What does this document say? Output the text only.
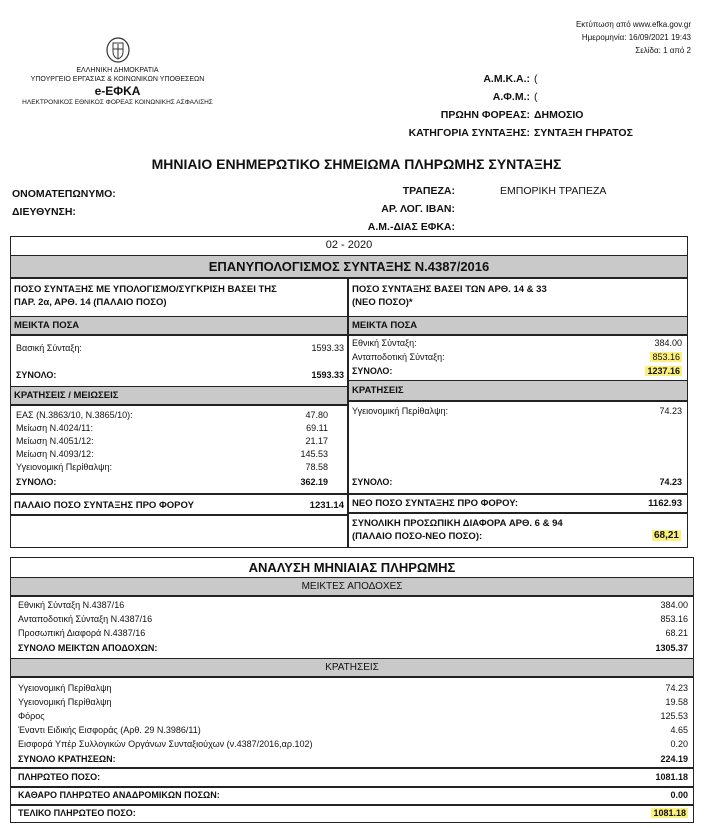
Εκτύπωση από www.efka.gov.gr
Ημερομηνία: 16/09/2021 19:43
Σελίδα: 1 από 2
ΕΛΛΗΝΙΚΗ ΔΗΜΟΚΡΑΤΙΑ
ΥΠΟΥΡΓΕΙΟ ΕΡΓΑΣΙΑΣ & ΚΟΙΝΩΝΙΚΩΝ ΥΠΟΘΕΣΕΩΝ
e-ΕΦΚΑ
ΗΛΕΚΤΡΟΝΙΚΟΣ ΕΘΝΙΚΟΣ ΦΟΡΕΑΣ ΚΟΙΝΩΝΙΚΗΣ ΑΣΦΑΛΙΣΗΣ
Α.Μ.Κ.Α.: (
Α.Φ.Μ.: (
ΠΡΩΗΝ ΦΟΡΕΑΣ: ΔΗΜΟΣΙΟ
ΚΑΤΗΓΟΡΙΑ ΣΥΝΤΑΞΗΣ: ΣΥΝΤΑΞΗ ΓΗΡΑΤΟΣ
ΜΗΝΙΑΙΟ ΕΝΗΜΕΡΩΤΙΚΟ ΣΗΜΕΙΩΜΑ ΠΛΗΡΩΜΗΣ ΣΥΝΤΑΞΗΣ
ΟΝΟΜΑΤΕΠΩΝΥΜΟ:
ΔΙΕΥΘΥΝΣΗ:
ΤΡΑΠΕΖΑ:	ΕΜΠΟΡΙΚΗ ΤΡΑΠΕΖΑ
ΑΡ. ΛΟΓ. ΙΒΑΝ:
Α.Μ.-ΔΙΑΣ ΕΦΚΑ:
02 - 2020
ΕΠΑΝΥΠΟΛΟΓΙΣΜΟΣ ΣΥΝΤΑΞΗΣ Ν.4387/2016
ΠΟΣΟ ΣΥΝΤΑΞΗΣ ΜΕ ΥΠΟΛΟΓΙΣΜΟ/ΣΥΓΚΡΙΣΗ ΒΑΣΕΙ ΤΗΣ
ΠΑΡ. 2α, ΑΡΘ. 14 (ΠΑΛΑΙΟ ΠΟΣΟ)
ΜΕΙΚΤΑ ΠΟΣΑ
Βασική Σύνταξη:	1593.33
ΣΥΝΟΛΟ:	1593.33
ΚΡΑΤΗΣΕΙΣ / ΜΕΙΩΣΕΙΣ
ΕΑΣ (Ν.3863/10, Ν.3865/10):	47.80
Μείωση Ν.4024/11:	69.11
Μείωση Ν.4051/12:	21.17
Μείωση Ν.4093/12:	145.53
Υγειονομική Περίθαλψη:	78.58
ΣΥΝΟΛΟ:	362.19
ΠΑΛΑΙΟ ΠΟΣΟ ΣΥΝΤΑΞΗΣ ΠΡΟ ΦΟΡΟΥ	1231.14
ΠΟΣΟ ΣΥΝΤΑΞΗΣ ΒΑΣΕΙ ΤΩΝ ΑΡΘ. 14 & 33
(ΝΕΟ ΠΟΣΟ)*
ΜΕΙΚΤΑ ΠΟΣΑ
Εθνική Σύνταξη:	384.00
Ανταποδοτική Σύνταξη:	853.16
ΣΥΝΟΛΟ:	1237.16
ΚΡΑΤΗΣΕΙΣ
Υγειονομική Περίθαλψη:	74.23
ΣΥΝΟΛΟ:	74.23
ΝΕΟ ΠΟΣΟ ΣΥΝΤΑΞΗΣ ΠΡΟ ΦΟΡΟΥ:	1162.93
ΣΥΝΟΛΙΚΗ ΠΡΟΣΩΠΙΚΗ ΔΙΑΦΟΡΑ ΑΡΘ. 6 & 94
(ΠΑΛΑΙΟ ΠΟΣΟ-ΝΕΟ ΠΟΣΟ):	68,21
ΑΝΑΛΥΣΗ ΜΗΝΙΑΙΑΣ ΠΛΗΡΩΜΗΣ
ΜΕΙΚΤΕΣ ΑΠΟΔΟΧΕΣ
Εθνική Σύνταξη Ν.4387/16	384.00
Ανταποδοτική Σύνταξη Ν.4387/16	853.16
Προσωπική Διαφορά Ν.4387/16	68.21
ΣΥΝΟΛΟ ΜΕΙΚΤΩΝ ΑΠΟΔΟΧΩΝ:	1305.37
ΚΡΑΤΗΣΕΙΣ
Υγειονομική Περίθαλψη	74.23
Υγειονομική Περίθαλψη	19.58
Φόρος	125.53
Έναντι Ειδικής Εισφοράς (Αρθ. 29 Ν.3986/11)	4.65
Εισφορά Υπέρ Συλλογικών Οργάνων Συνταξιούχων (ν.4387/2016,αρ.102)	0.20
ΣΥΝΟΛΟ ΚΡΑΤΗΣΕΩΝ:	224.19
ΠΛΗΡΩΤΕΟ ΠΟΣΟ:	1081.18
ΚΑΘΑΡΟ ΠΛΗΡΩΤΕΟ ΑΝΑΔΡΟΜΙΚΩΝ ΠΟΣΩΝ:	0.00
ΤΕΛΙΚΟ ΠΛΗΡΩΤΕΟ ΠΟΣΟ:	1081.18
